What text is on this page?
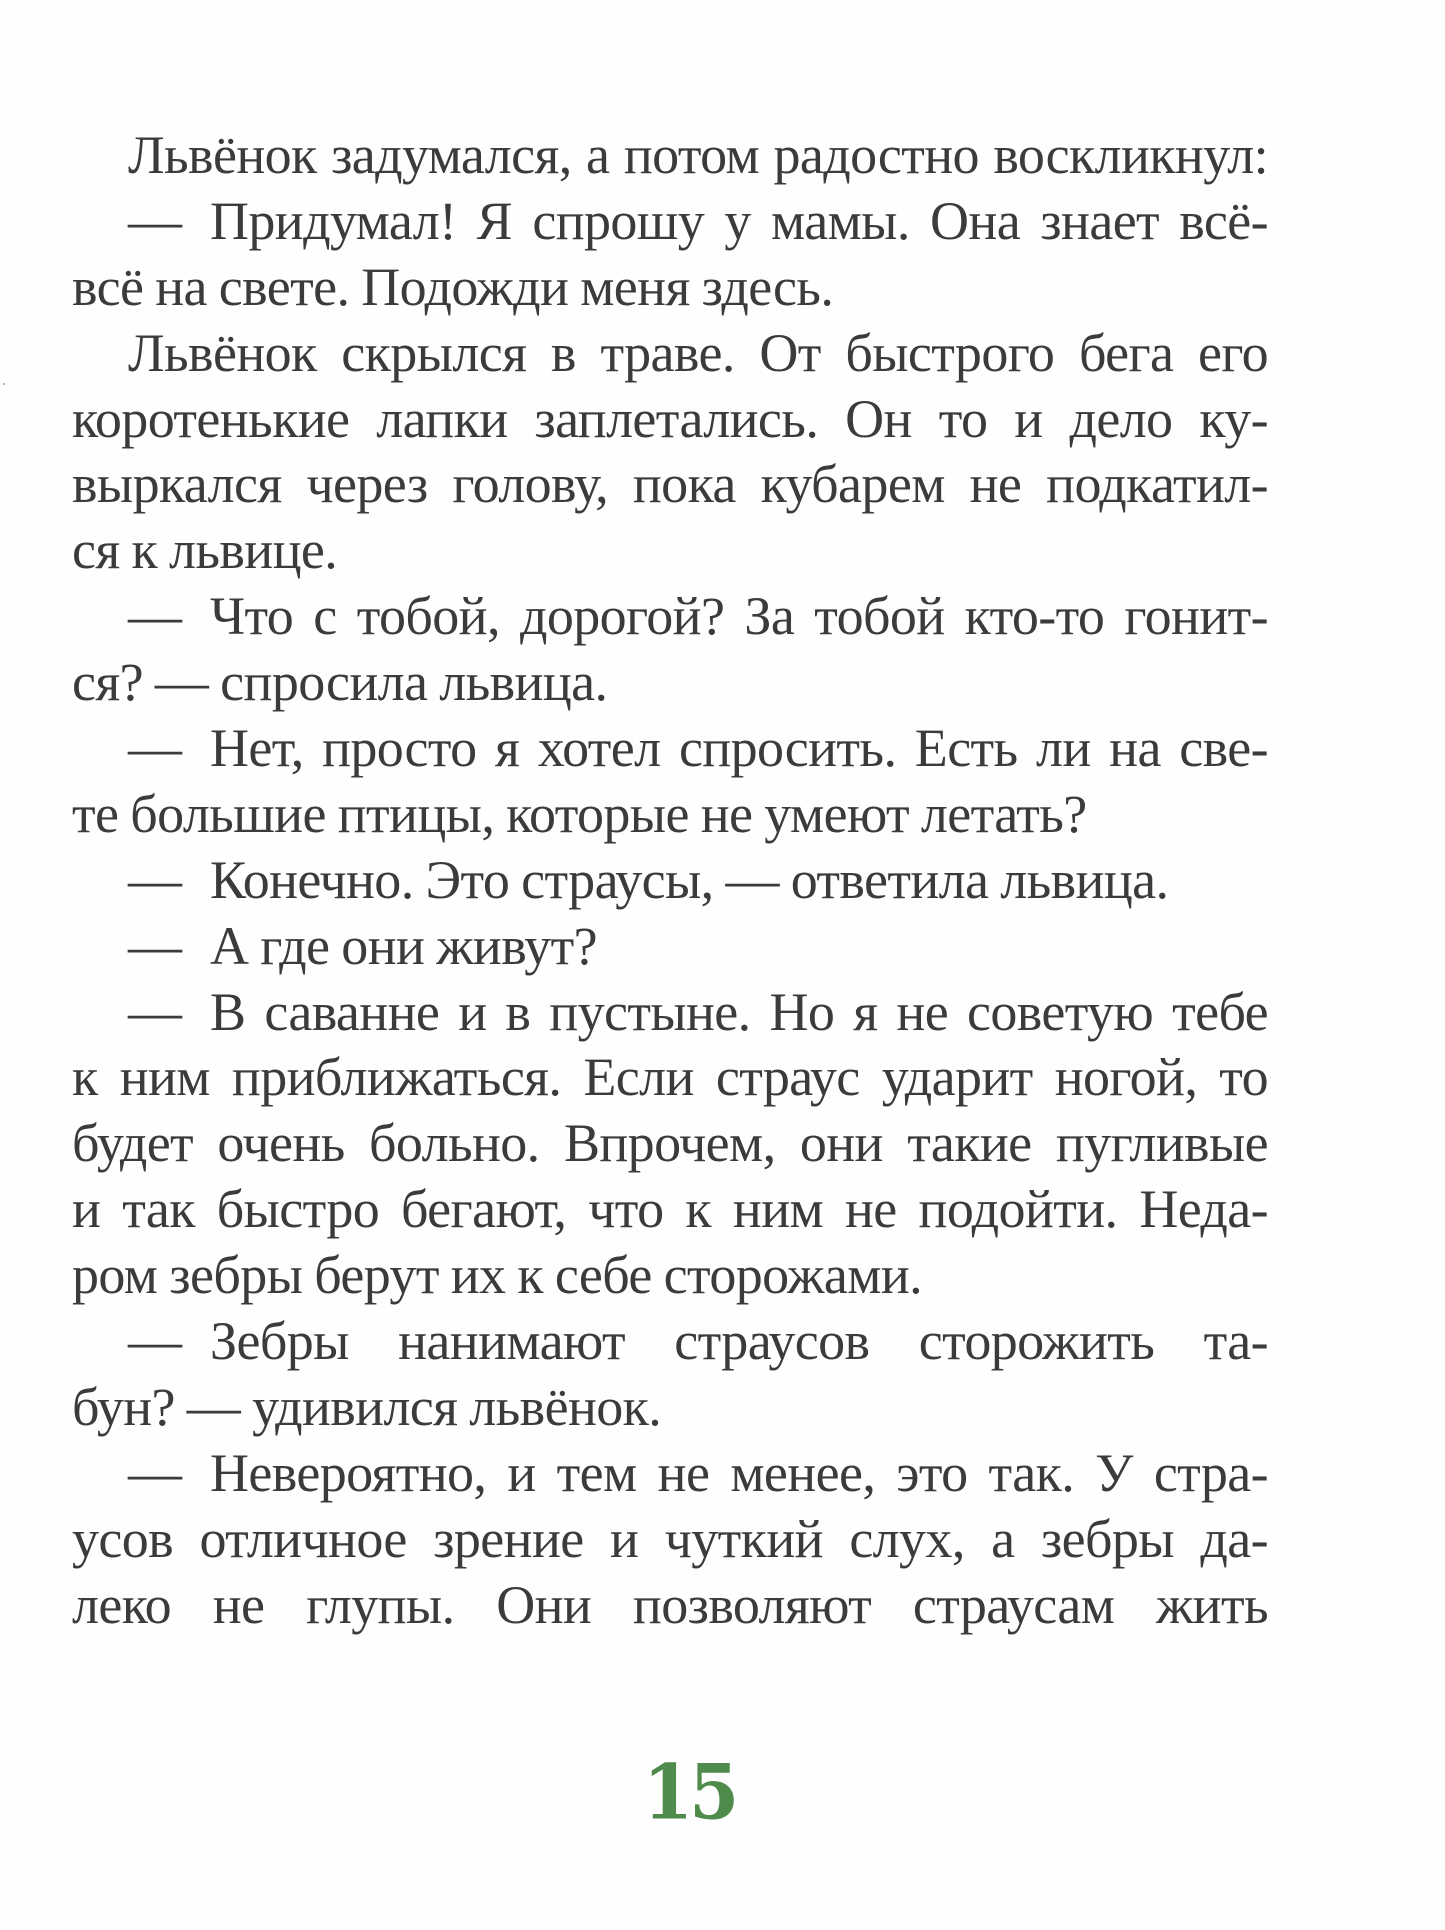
Львёнок задумался, а потом радостно воскликнул:
— Придумал! Я спрошу у мамы. Она знает всё-
всё на свете. Подожди меня здесь.
Львёнок скрылся в траве. От быстрого бега его
коротенькие лапки заплетались. Он то и дело ку-
выркался через голову, пока кубарем не подкатил-
ся к львице.
— Что с тобой, дорогой? За тобой кто-то гонит-
ся? — спросила львица.
— Нет, просто я хотел спросить. Есть ли на све-
те большие птицы, которые не умеют летать?
— Конечно. Это страусы, — ответила львица.
— А где они живут?
— В саванне и в пустыне. Но я не советую тебе
к ним приближаться. Если страус ударит ногой, то
будет очень больно. Впрочем, они такие пугливые
и так быстро бегают, что к ним не подойти. Неда-
ром зебры берут их к себе сторожами.
— Зебры нанимают страусов сторожить та-
бун? — удивился львёнок.
— Невероятно, и тем не менее, это так. У стра-
усов отличное зрение и чуткий слух, а зебры да-
леко не глупы. Они позволяют страусам жить
15
